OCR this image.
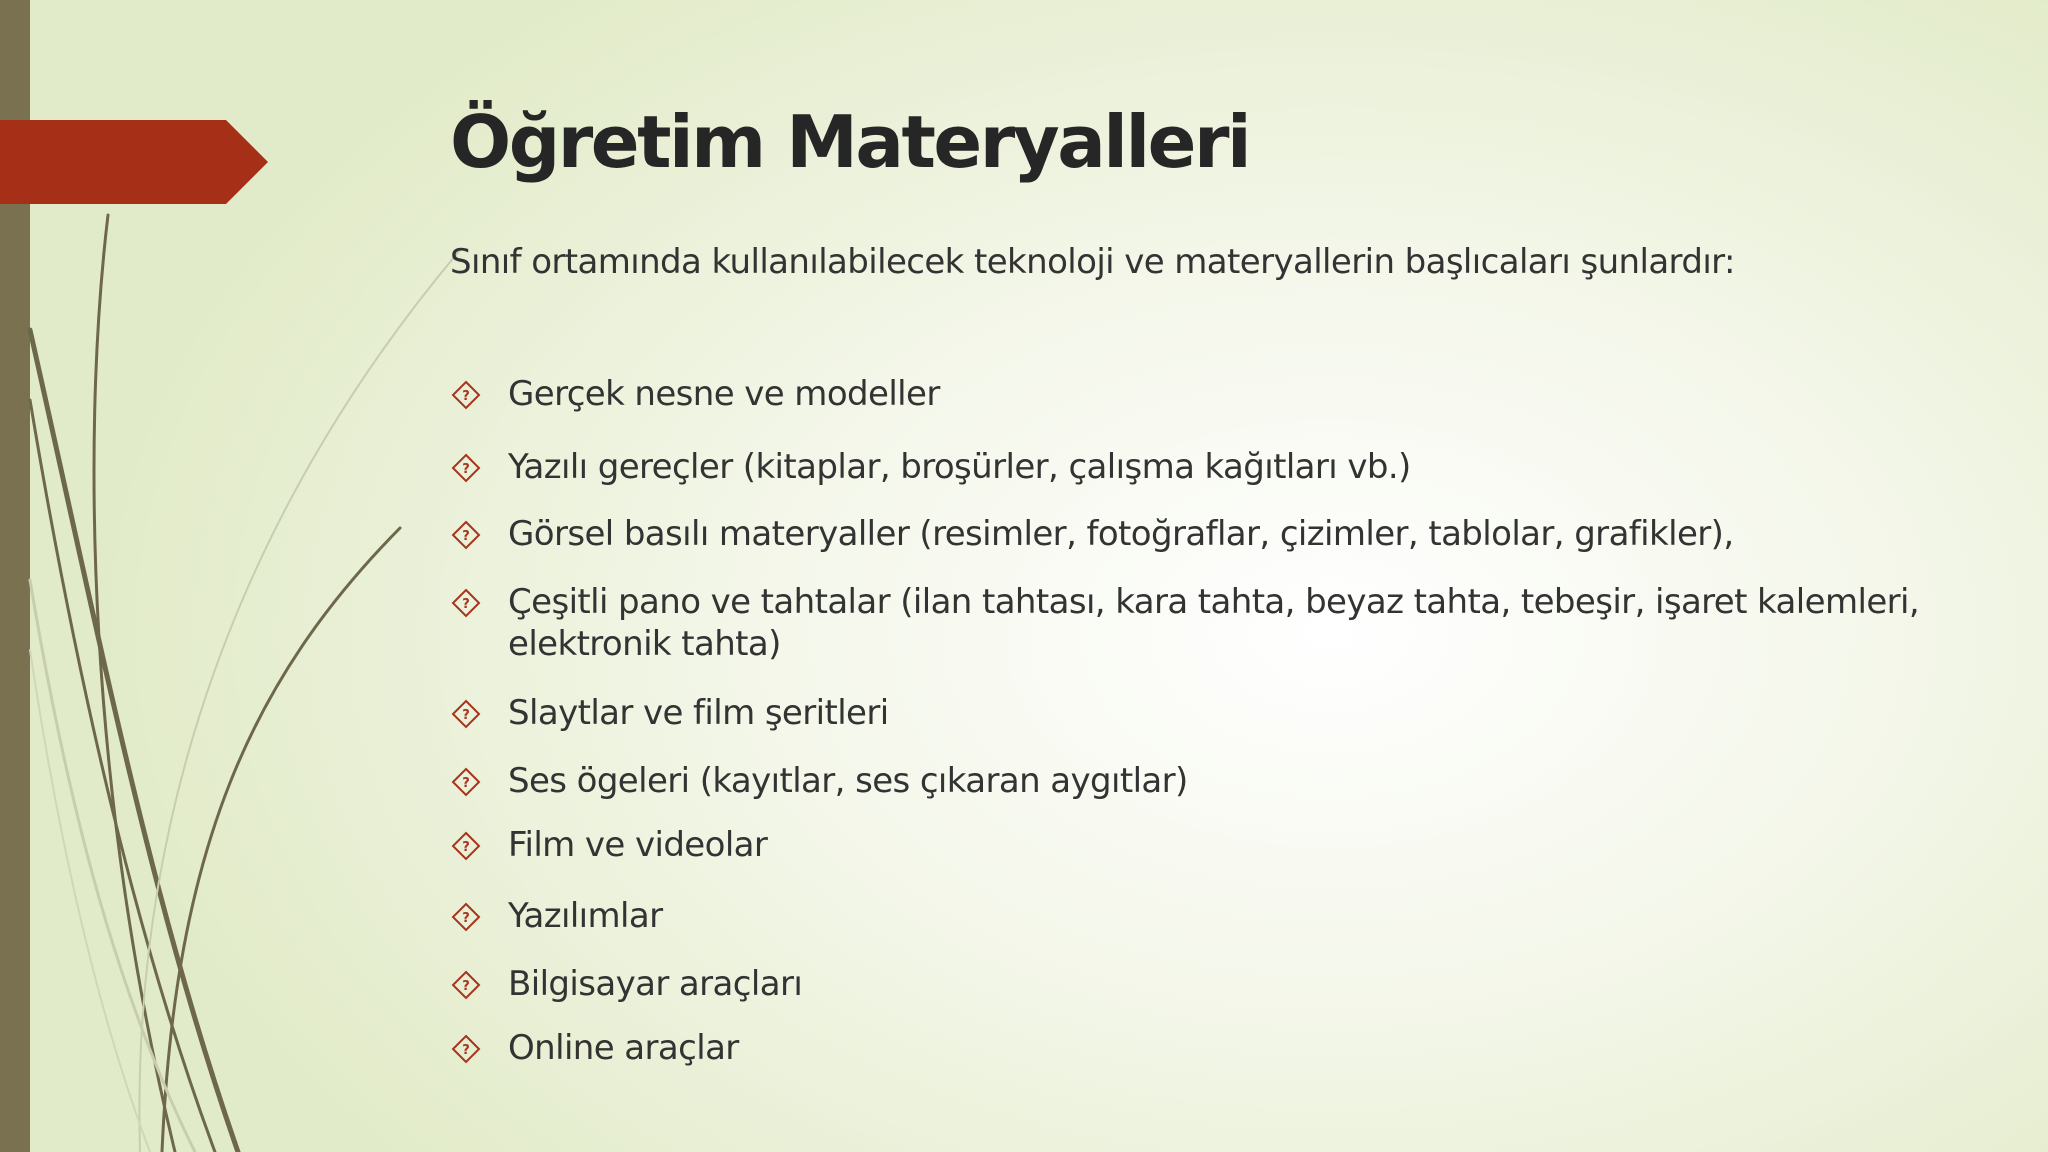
Öğretim Materyalleri

Sınıf ortamında kullanılabilecek teknoloji ve materyallerin başlıcaları şunlardır:

? Gerçek nesne ve modeller
? Yazılı gereçler (kitaplar, broşürler, çalışma kağıtları vb.)
? Görsel basılı materyaller (resimler, fotoğraflar, çizimler, tablolar, grafikler),
? Çeşitli pano ve tahtalar (ilan tahtası, kara tahta, beyaz tahta, tebeşir, işaret kalemleri, elektronik tahta)
? Slaytlar ve film şeritleri
? Ses ögeleri (kayıtlar, ses çıkaran aygıtlar)
? Film ve videolar
? Yazılımlar
? Bilgisayar araçları
? Online araçlar
